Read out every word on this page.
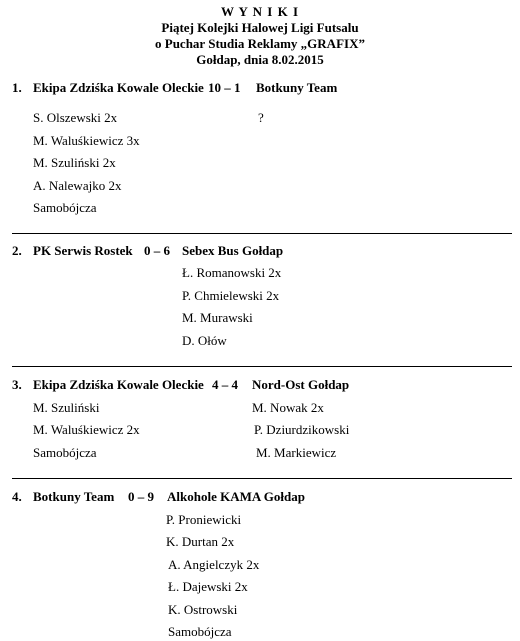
W Y N I K I
Piątej Kolejki Halowej Ligi Futsalu
o Puchar Studia Reklamy „GRAFIX”
Gołdap, dnia 8.02.2015
1. Ekipa Zdziśka Kowale Oleckie 10 – 1 Botkuny Team
S. Olszewski 2x
M. Waluśkiewicz 3x
M. Szuliński 2x
A. Nalewajko 2x
Samobójcza
?
2. PK Serwis Rostek 0 – 6 Sebex Bus Gołdap
Ł. Romanowski 2x
P. Chmielewski 2x
M. Murawski
D. Ołów
3. Ekipa Zdziśka Kowale Oleckie 4 – 4 Nord-Ost Gołdap
M. Szuliński
M. Waluśkiewicz 2x
Samobójcza
M. Nowak 2x
P. Dziurdzikowski
M. Markiewicz
4. Botkuny Team 0 – 9 Alkohole KAMA Gołdap
P. Proniewicki
K. Durtan 2x
A. Angielczyk 2x
Ł. Dajewski 2x
K. Ostrowski
Samobójcza
